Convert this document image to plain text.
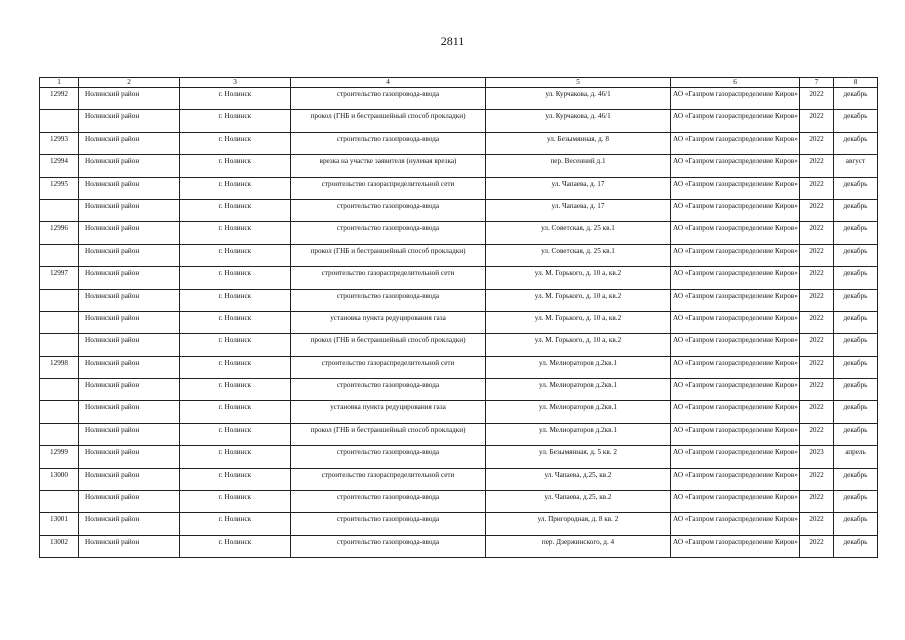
2811
1	2	3	4	5	6	7	8
12992	Нолинский район	г. Нолинск	строительство газопровода-ввода	ул. Курчакова, д. 46/1	АО «Газпром газораспределение Киров»	2022	декабрь
	Нолинский район	г. Нолинск	прокол (ГНБ и бестраншейный способ прокладки)	ул. Курчакова, д. 46/1	АО «Газпром газораспределение Киров»	2022	декабрь
12993	Нолинский район	г. Нолинск	строительство газопровода-ввода	ул. Безымянная, д. 8	АО «Газпром газораспределение Киров»	2022	декабрь
12994	Нолинский район	г. Нолинск	врезка на участке заявителя (нулевая врезка)	пер. Весенний д.1	АО «Газпром газораспределение Киров»	2022	август
12995	Нолинский район	г. Нолинск	строительство газораспределительной сети	ул. Чапаева, д. 17	АО «Газпром газораспределение Киров»	2022	декабрь
	Нолинский район	г. Нолинск	строительство газопровода-ввода	ул. Чапаева, д. 17	АО «Газпром газораспределение Киров»	2022	декабрь
12996	Нолинский район	г. Нолинск	строительство газопровода-ввода	ул. Советская, д. 25 кв.1	АО «Газпром газораспределение Киров»	2022	декабрь
	Нолинский район	г. Нолинск	прокол (ГНБ и бестраншейный способ прокладки)	ул. Советская, д. 25 кв.1	АО «Газпром газораспределение Киров»	2022	декабрь
12997	Нолинский район	г. Нолинск	строительство газораспределительной сети	ул. М. Горького, д. 10 а, кв.2	АО «Газпром газораспределение Киров»	2022	декабрь
	Нолинский район	г. Нолинск	строительство газопровода-ввода	ул. М. Горького, д. 10 а, кв.2	АО «Газпром газораспределение Киров»	2022	декабрь
	Нолинский район	г. Нолинск	установка пункта редуцирования газа	ул. М. Горького, д. 10 а, кв.2	АО «Газпром газораспределение Киров»	2022	декабрь
	Нолинский район	г. Нолинск	прокол (ГНБ и бестраншейный способ прокладки)	ул. М. Горького, д. 10 а, кв.2	АО «Газпром газораспределение Киров»	2022	декабрь
12998	Нолинский район	г. Нолинск	строительство газораспределительной сети	ул. Мелиораторов д.2кв.1	АО «Газпром газораспределение Киров»	2022	декабрь
	Нолинский район	г. Нолинск	строительство газопровода-ввода	ул. Мелиораторов д.2кв.1	АО «Газпром газораспределение Киров»	2022	декабрь
	Нолинский район	г. Нолинск	установка пункта редуцирования газа	ул. Мелиораторов д.2кв.1	АО «Газпром газораспределение Киров»	2022	декабрь
	Нолинский район	г. Нолинск	прокол (ГНБ и бестраншейный способ прокладки)	ул. Мелиораторов д.2кв.1	АО «Газпром газораспределение Киров»	2022	декабрь
12999	Нолинский район	г. Нолинск	строительство газопровода-ввода	ул. Безымянная, д. 5 кв. 2	АО «Газпром газораспределение Киров»	2023	апрель
13000	Нолинский район	г. Нолинск	строительство газораспределительной сети	ул. Чапаева, д.25, кв.2	АО «Газпром газораспределение Киров»	2022	декабрь
	Нолинский район	г. Нолинск	строительство газопровода-ввода	ул. Чапаева, д.25, кв.2	АО «Газпром газораспределение Киров»	2022	декабрь
13001	Нолинский район	г. Нолинск	строительство газопровода-ввода	ул. Пригородная, д. 8 кв. 2	АО «Газпром газораспределение Киров»	2022	декабрь
13002	Нолинский район	г. Нолинск	строительство газопровода-ввода	пер. Дзержинского, д. 4	АО «Газпром газораспределение Киров»	2022	декабрь
